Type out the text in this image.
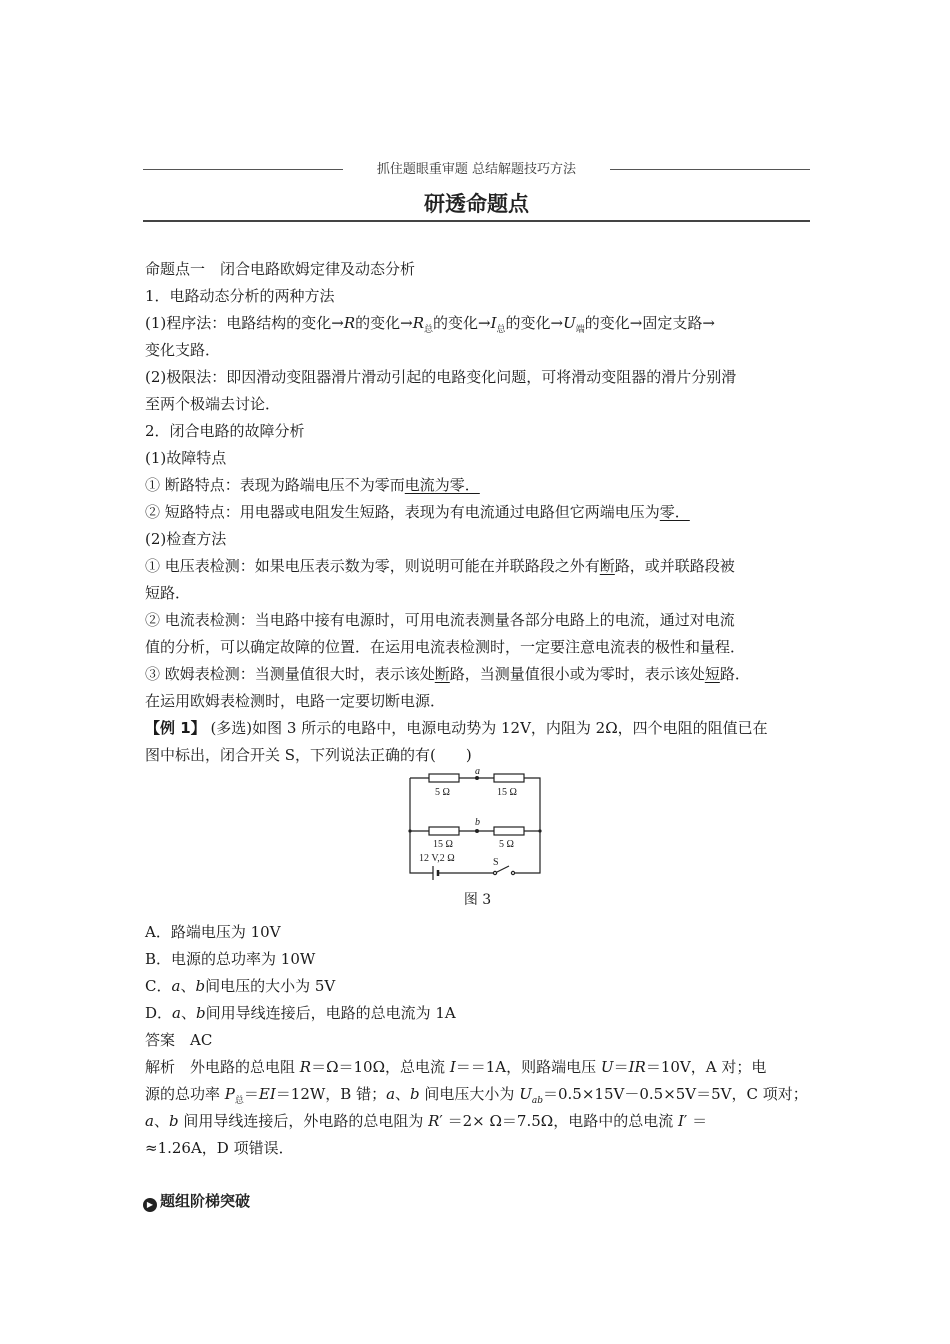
抓住题眼重审题 总结解题技巧方法
研透命题点

命题点一　闭合电路欧姆定律及动态分析

1．电路动态分析的两种方法

(1)程序法：电路结构的变化→R的变化$\to R_总$的变化$\to I_总$的变化$\to U_端$的变化→固定支路→

变化支路．

(2)极限法：即因滑动变阻器滑片滑动引起的电路变化问题，可将滑动变阻器的滑片分别滑

至两个极端去讨论．

2．闭合电路的故障分析

(1)故障特点

① 断路特点：表现为路端电压不为零而电流为零．

② 短路特点：用电器或电阻发生短路，表现为有电流通过电路但它两端电压为零．

(2)检查方法

① 电压表检测：如果电压表示数为零，则说明可能在并联路段之外有断路，或并联路段被

短路．

② 电流表检测：当电路中接有电源时，可用电流表测量各部分电路上的电流，通过对电流

值的分析，可以确定故障的位置．在运用电流表检测时，一定要注意电流表的极性和量程．

③ 欧姆表检测：当测量值很大时，表示该处断路，当测量值很小或为零时，表示该处短路．

在运用欧姆表检测时，电路一定要切断电源．

【例 1】 (多选)如图 3 所示的电路中，电源电动势为 12V，内阻为 2Ω，四个电阻的阻值已在

图中标出，闭合开关 S，下列说法正确的有(　　)

5 Ω	15 Ω
15 Ω	5 Ω
a
b
12 V,2 Ω	S
图 3

A．路端电压为 10V

B．电源的总功率为 10W

C．a、b间电压的大小为 5V

D．a、b间用导线连接后，电路的总电流为 1A

答案　AC

解析　外电路的总电阻 R＝Ω＝10Ω，总电流 I＝＝1A，则路端电压 U＝IR＝10V，A 对；电

源的总功率 $P_总=EI=12W$，B 错；a、b 间电压大小为 $U_{ab}=0.5\times 15V-0.5\times 5V=5V$，C 项对；

a、b 间用导线连接后，外电路的总电阻为 R′ ＝2× Ω＝7.5Ω，电路中的总电流 I′ ＝

≈1.26A，D 项错误．

▶ 题组阶梯突破
